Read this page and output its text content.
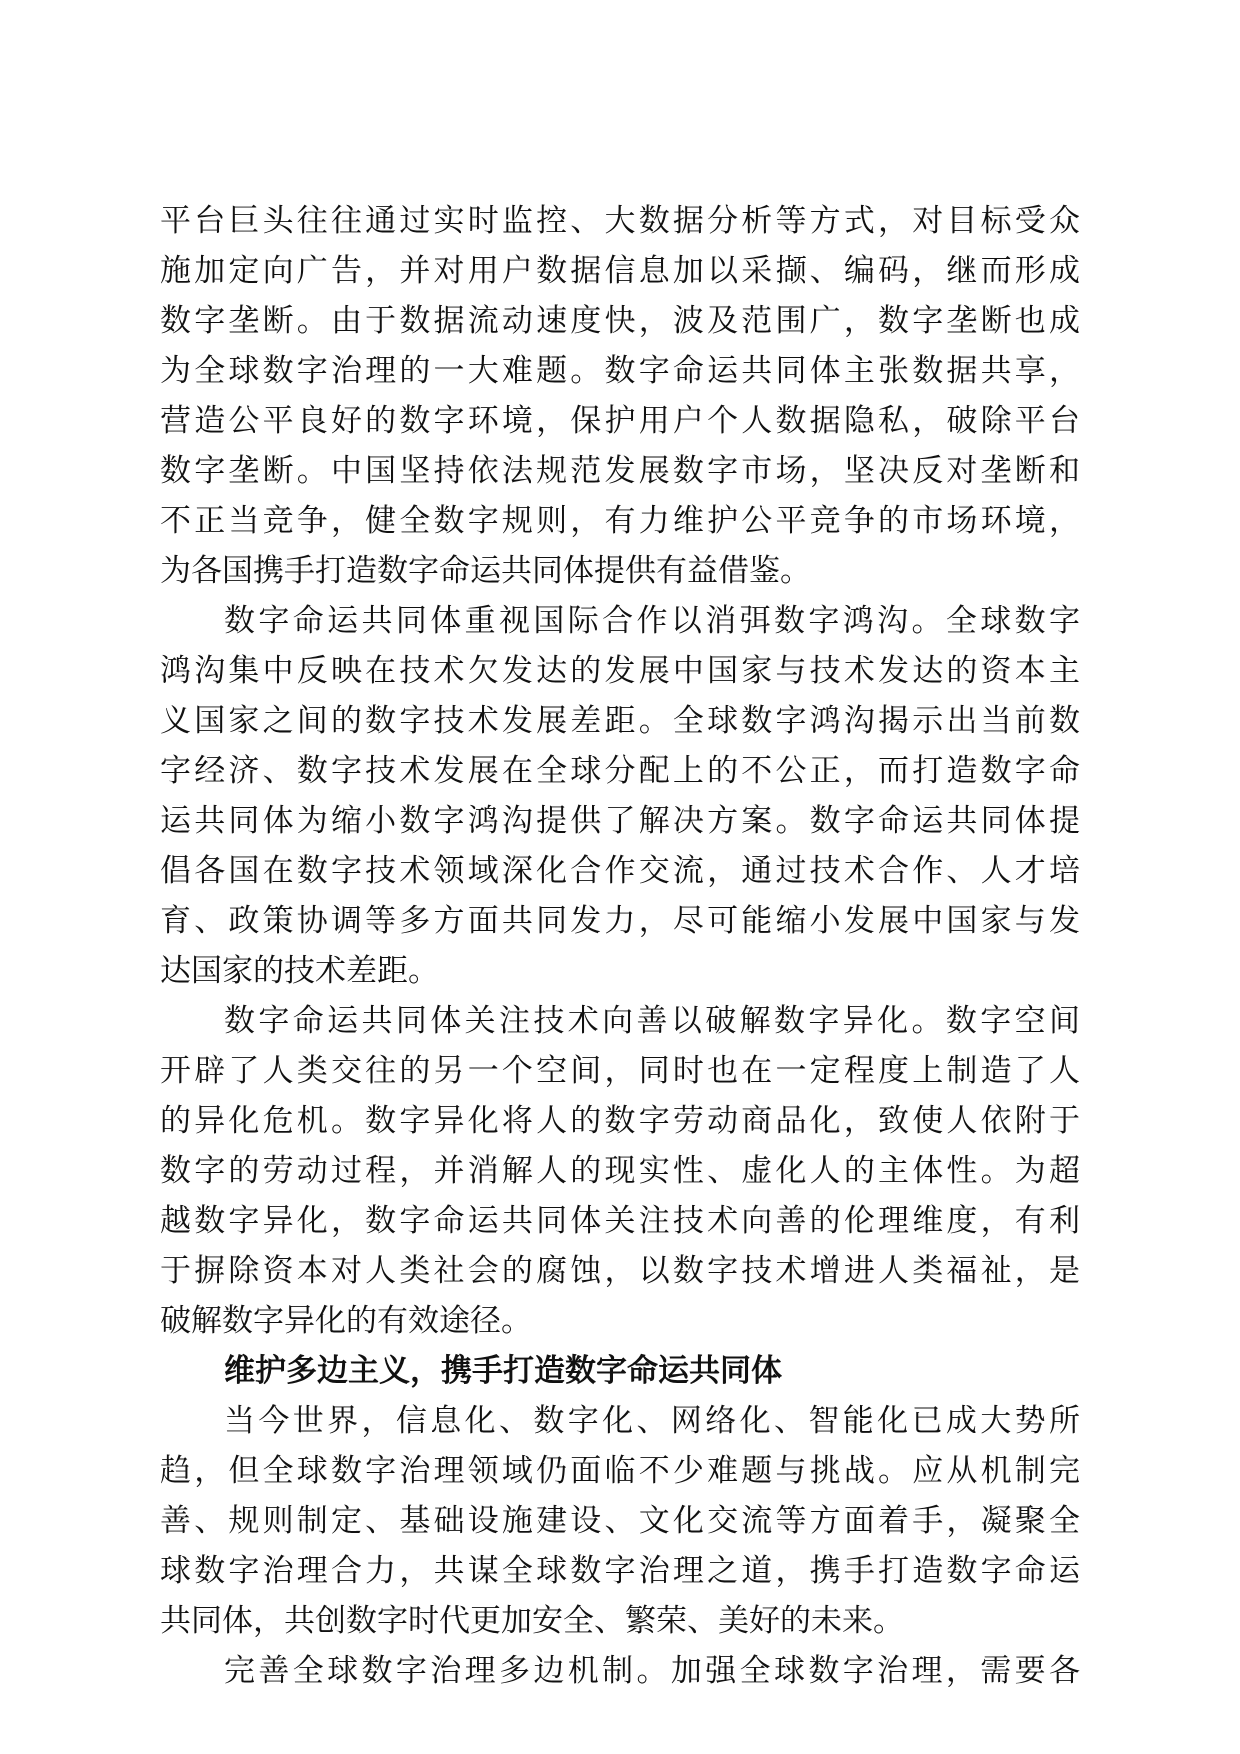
平台巨头往往通过实时监控、大数据分析等方式，对目标受众
施加定向广告，并对用户数据信息加以采撷、编码，继而形成
数字垄断。由于数据流动速度快，波及范围广，数字垄断也成
为全球数字治理的一大难题。数字命运共同体主张数据共享，
营造公平良好的数字环境，保护用户个人数据隐私，破除平台
数字垄断。中国坚持依法规范发展数字市场，坚决反对垄断和
不正当竞争，健全数字规则，有力维护公平竞争的市场环境，
为各国携手打造数字命运共同体提供有益借鉴。
数字命运共同体重视国际合作以消弭数字鸿沟。全球数字
鸿沟集中反映在技术欠发达的发展中国家与技术发达的资本主
义国家之间的数字技术发展差距。全球数字鸿沟揭示出当前数
字经济、数字技术发展在全球分配上的不公正，而打造数字命
运共同体为缩小数字鸿沟提供了解决方案。数字命运共同体提
倡各国在数字技术领域深化合作交流，通过技术合作、人才培
育、政策协调等多方面共同发力，尽可能缩小发展中国家与发
达国家的技术差距。
数字命运共同体关注技术向善以破解数字异化。数字空间
开辟了人类交往的另一个空间，同时也在一定程度上制造了人
的异化危机。数字异化将人的数字劳动商品化，致使人依附于
数字的劳动过程，并消解人的现实性、虚化人的主体性。为超
越数字异化，数字命运共同体关注技术向善的伦理维度，有利
于摒除资本对人类社会的腐蚀，以数字技术增进人类福祉，是
破解数字异化的有效途径。
维护多边主义，携手打造数字命运共同体
当今世界，信息化、数字化、网络化、智能化已成大势所
趋，但全球数字治理领域仍面临不少难题与挑战。应从机制完
善、规则制定、基础设施建设、文化交流等方面着手，凝聚全
球数字治理合力，共谋全球数字治理之道，携手打造数字命运
共同体，共创数字时代更加安全、繁荣、美好的未来。
完善全球数字治理多边机制。加强全球数字治理，需要各
